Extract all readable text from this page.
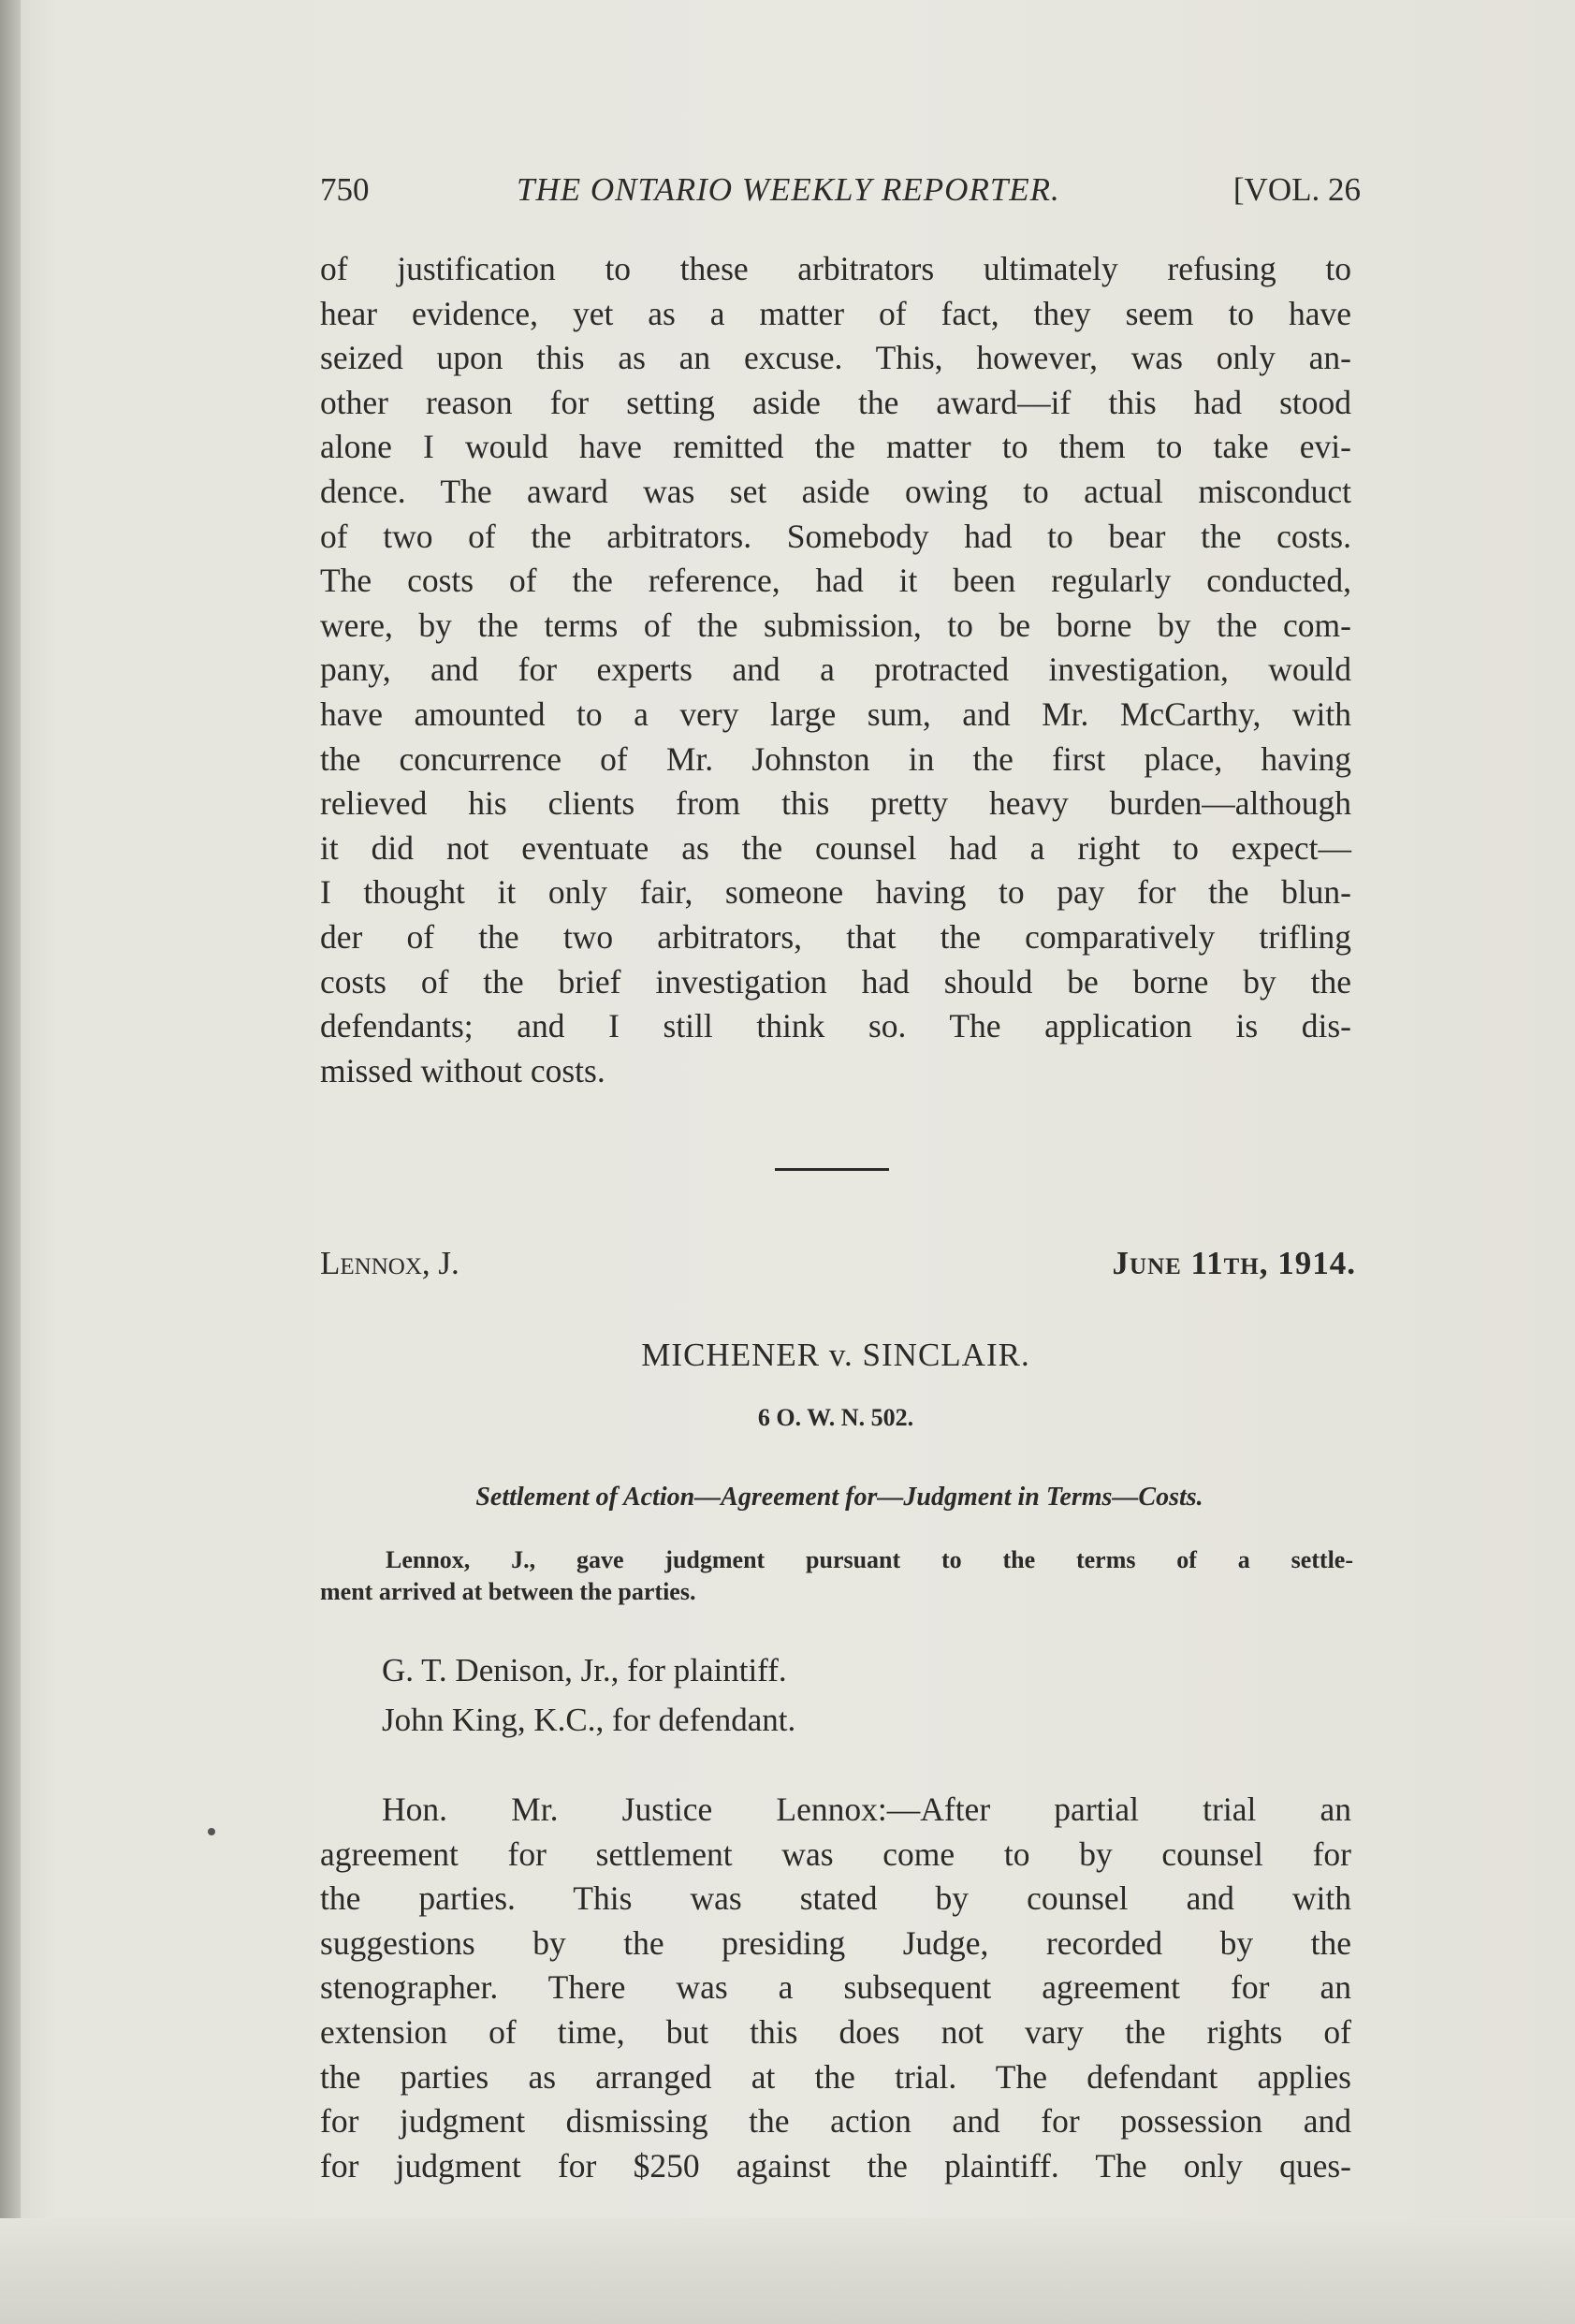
750	THE ONTARIO WEEKLY REPORTER.	[VOL. 26
of justification to these arbitrators ultimately refusing to
hear evidence, yet as a matter of fact, they seem to have
seized upon this as an excuse. This, however, was only an-
other reason for setting aside the award—if this had stood
alone I would have remitted the matter to them to take evi-
dence. The award was set aside owing to actual misconduct
of two of the arbitrators. Somebody had to bear the costs.
The costs of the reference, had it been regularly conducted,
were, by the terms of the submission, to be borne by the com-
pany, and for experts and a protracted investigation, would
have amounted to a very large sum, and Mr. McCarthy, with
the concurrence of Mr. Johnston in the first place, having
relieved his clients from this pretty heavy burden—although
it did not eventuate as the counsel had a right to expect—
I thought it only fair, someone having to pay for the blun-
der of the two arbitrators, that the comparatively trifling
costs of the brief investigation had should be borne by the
defendants; and I still think so. The application is dis-
missed without costs.
Lennox, J.	June 11th, 1914.
MICHENER v. SINCLAIR.
6 O. W. N. 502.
Settlement of Action—Agreement for—Judgment in Terms—Costs.
Lennox, J., gave judgment pursuant to the terms of a settle-
ment arrived at between the parties.
G. T. Denison, Jr., for plaintiff.
John King, K.C., for defendant.
Hon. Mr. Justice Lennox:—After partial trial an
agreement for settlement was come to by counsel for
the parties. This was stated by counsel and with
suggestions by the presiding Judge, recorded by the
stenographer. There was a subsequent agreement for an
extension of time, but this does not vary the rights of
the parties as arranged at the trial. The defendant applies
for judgment dismissing the action and for possession and
for judgment for $250 against the plaintiff. The only ques-
